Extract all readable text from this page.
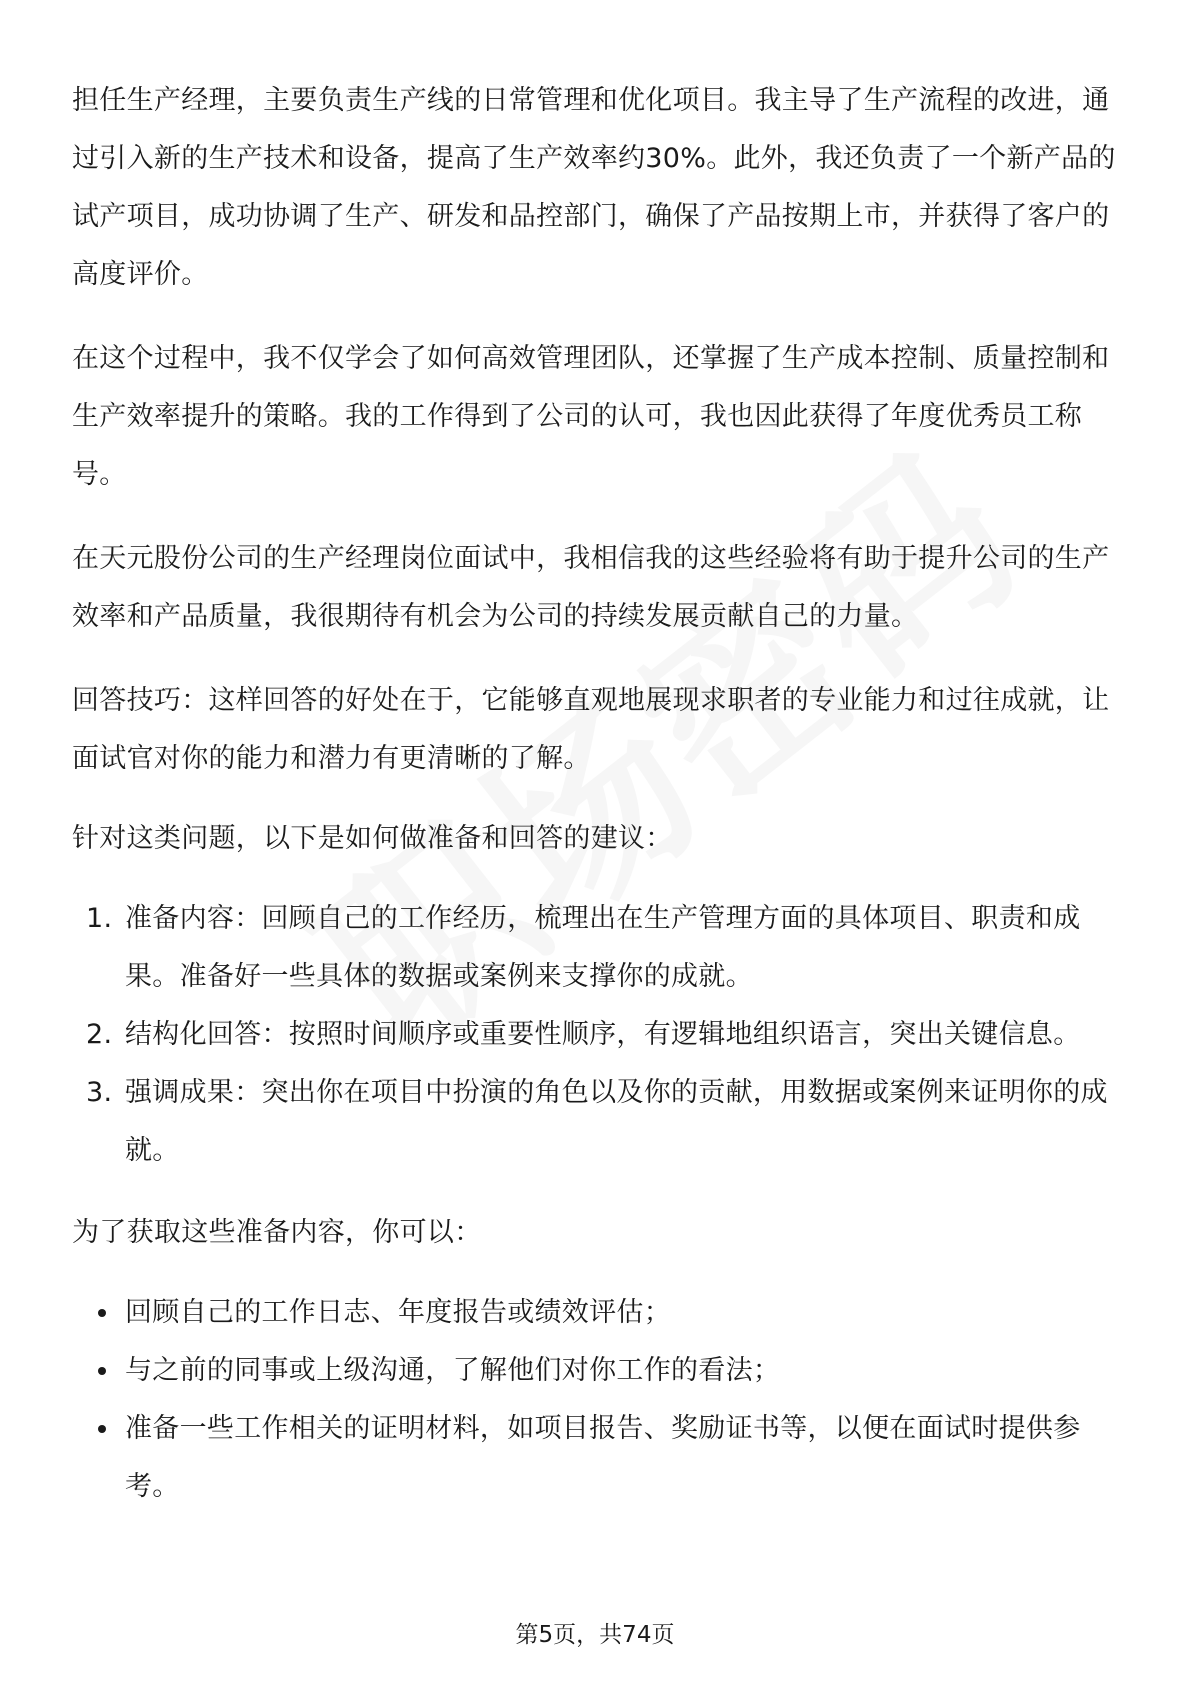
担任生产经理，主要负责生产线的日常管理和优化项目。我主导了生产流程的改进，通过引入新的生产技术和设备，提高了生产效率约30%。此外，我还负责了一个新产品的试产项目，成功协调了生产、研发和品控部门，确保了产品按期上市，并获得了客户的高度评价。

在这个过程中，我不仅学会了如何高效管理团队，还掌握了生产成本控制、质量控制和生产效率提升的策略。我的工作得到了公司的认可，我也因此获得了年度优秀员工称号。

在天元股份公司的生产经理岗位面试中，我相信我的这些经验将有助于提升公司的生产效率和产品质量，我很期待有机会为公司的持续发展贡献自己的力量。

回答技巧：这样回答的好处在于，它能够直观地展现求职者的专业能力和过往成就，让面试官对你的能力和潜力有更清晰的了解。

针对这类问题，以下是如何做准备和回答的建议：

1. 准备内容：回顾自己的工作经历，梳理出在生产管理方面的具体项目、职责和成果。准备好一些具体的数据或案例来支撑你的成就。
2. 结构化回答：按照时间顺序或重要性顺序，有逻辑地组织语言，突出关键信息。
3. 强调成果：突出你在项目中扮演的角色以及你的贡献，用数据或案例来证明你的成就。

为了获取这些准备内容，你可以：

回顾自己的工作日志、年度报告或绩效评估；
与之前的同事或上级沟通，了解他们对你工作的看法；
准备一些工作相关的证明材料，如项目报告、奖励证书等，以便在面试时提供参考。
第5页，共74页
